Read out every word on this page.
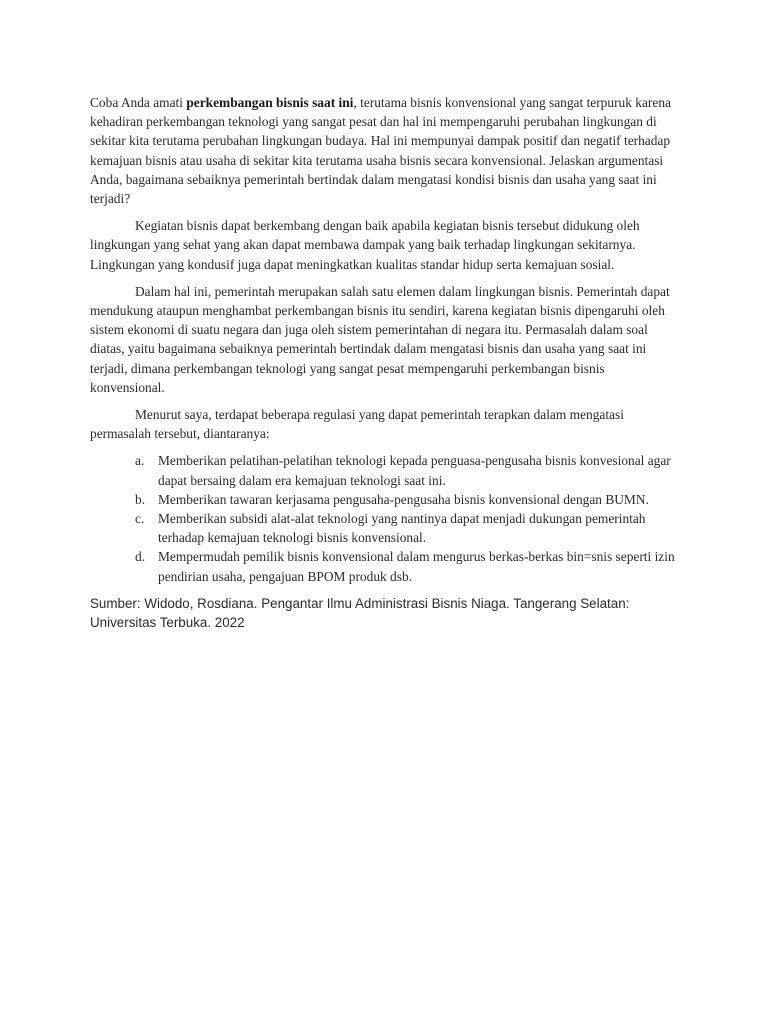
Coba Anda amati perkembangan bisnis saat ini, terutama bisnis konvensional yang sangat terpuruk karena kehadiran perkembangan teknologi yang sangat pesat dan hal ini mempengaruhi perubahan lingkungan di sekitar kita terutama perubahan lingkungan budaya. Hal ini mempunyai dampak positif dan negatif terhadap kemajuan bisnis atau usaha di sekitar kita terutama usaha bisnis secara konvensional. Jelaskan argumentasi Anda, bagaimana sebaiknya pemerintah bertindak dalam mengatasi kondisi bisnis dan usaha yang saat ini terjadi?

Kegiatan bisnis dapat berkembang dengan baik apabila kegiatan bisnis tersebut didukung oleh lingkungan yang sehat yang akan dapat membawa dampak yang baik terhadap lingkungan sekitarnya. Lingkungan yang kondusif juga dapat meningkatkan kualitas standar hidup serta kemajuan sosial.

Dalam hal ini, pemerintah merupakan salah satu elemen dalam lingkungan bisnis. Pemerintah dapat mendukung ataupun menghambat perkembangan bisnis itu sendiri, karena kegiatan bisnis dipengaruhi oleh sistem ekonomi di suatu negara dan juga oleh sistem pemerintahan di negara itu. Permasalah dalam soal diatas, yaitu bagaimana sebaiknya pemerintah bertindak dalam mengatasi bisnis dan usaha yang saat ini terjadi, dimana perkembangan teknologi yang sangat pesat mempengaruhi perkembangan bisnis konvensional.

Menurut saya, terdapat beberapa regulasi yang dapat pemerintah terapkan dalam mengatasi permasalah tersebut, diantaranya:

a. Memberikan pelatihan-pelatihan teknologi kepada penguasa-pengusaha bisnis konvesional agar dapat bersaing dalam era kemajuan teknologi saat ini.
b. Memberikan tawaran kerjasama pengusaha-pengusaha bisnis konvensional dengan BUMN.
c. Memberikan subsidi alat-alat teknologi yang nantinya dapat menjadi dukungan pemerintah terhadap kemajuan teknologi bisnis konvensional.
d. Mempermudah pemilik bisnis konvensional dalam mengurus berkas-berkas bin=snis seperti izin pendirian usaha, pengajuan BPOM produk dsb.

Sumber: Widodo, Rosdiana. Pengantar Ilmu Administrasi Bisnis Niaga. Tangerang Selatan: Universitas Terbuka. 2022
